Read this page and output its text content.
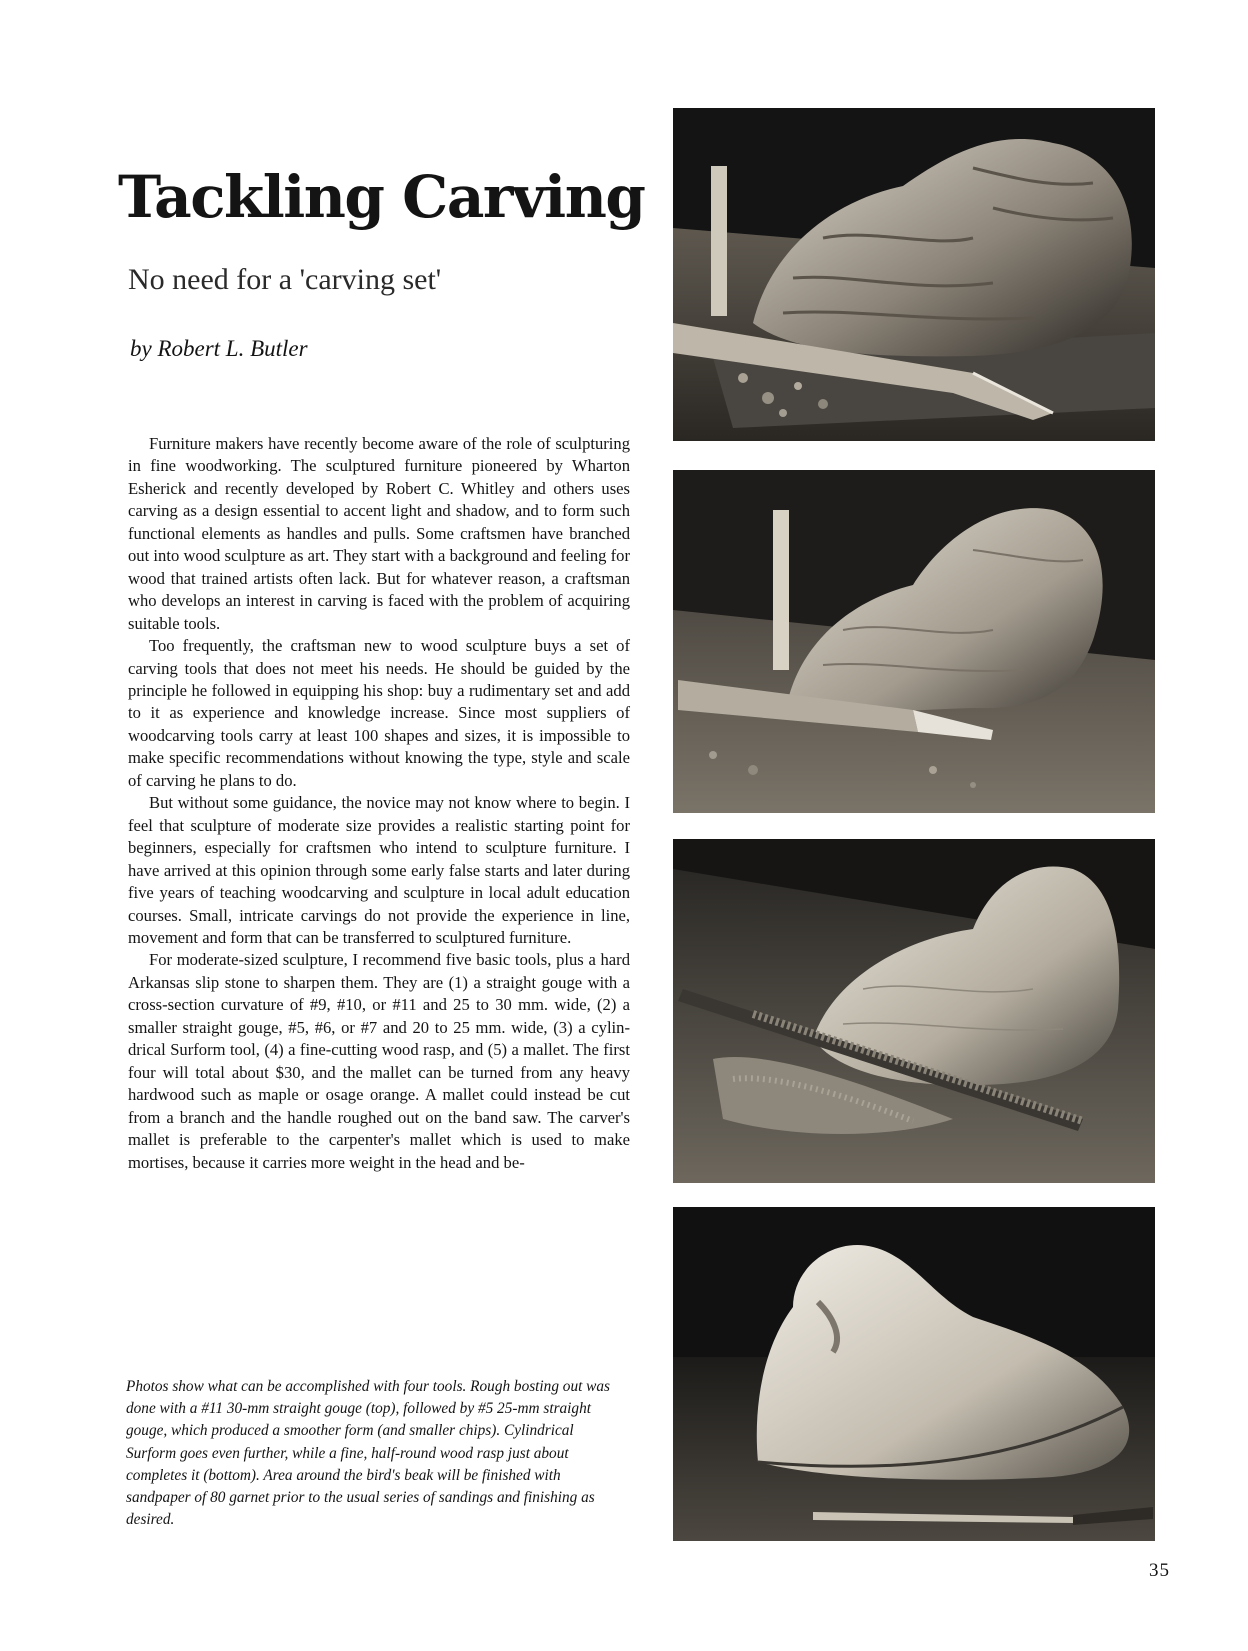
Tackling Carving
No need for a 'carving set'
by Robert L. Butler

Furniture makers have recently become aware of the role of sculpturing in fine woodworking. The sculptured furniture pioneered by Wharton Esherick and recently developed by Robert C. Whitley and others uses carving as a design essential to accent light and shadow, and to form such functional elements as handles and pulls. Some craftsmen have branched out into wood sculpture as art. They start with a background and feeling for wood that trained artists often lack. But for whatever reason, a craftsman who develops an interest in carving is faced with the problem of acquiring suitable tools.

Too frequently, the craftsman new to wood sculpture buys a set of carving tools that does not meet his needs. He should be guided by the principle he followed in equipping his shop: buy a rudimentary set and add to it as experience and knowledge increase. Since most suppliers of woodcarving tools carry at least 100 shapes and sizes, it is impossible to make specific recommendations without knowing the type, style and scale of carving he plans to do.

But without some guidance, the novice may not know where to begin. I feel that sculpture of moderate size provides a realistic starting point for beginners, especially for craftsmen who intend to sculpture furniture. I have arrived at this opinion through some early false starts and later during five years of teaching woodcarving and sculpture in local adult education courses. Small, intricate carvings do not provide the experience in line, movement and form that can be transferred to sculptured furniture.

For moderate-sized sculpture, I recommend five basic tools, plus a hard Arkansas slip stone to sharpen them. They are (1) a straight gouge with a cross-section curvature of #9, #10, or #11 and 25 to 30 mm. wide, (2) a smaller straight gouge, #5, #6, or #7 and 20 to 25 mm. wide, (3) a cylindrical Surform tool, (4) a fine-cutting wood rasp, and (5) a mallet. The first four will total about $30, and the mallet can be turned from any heavy hardwood such as maple or osage orange. A mallet could instead be cut from a branch and the handle roughed out on the band saw. The carver's mallet is preferable to the carpenter's mallet which is used to make mortises, because it carries more weight in the head and be-

Photos show what can be accomplished with four tools. Rough bosting out was done with a #11 30-mm straight gouge (top), followed by #5 25-mm straight gouge, which produced a smoother form (and smaller chips). Cylindrical Surform goes even further, while a fine, half-round wood rasp just about completes it (bottom). Area around the bird's beak will be finished with sandpaper of 80 garnet prior to the usual series of sandings and finishing as desired.
35
